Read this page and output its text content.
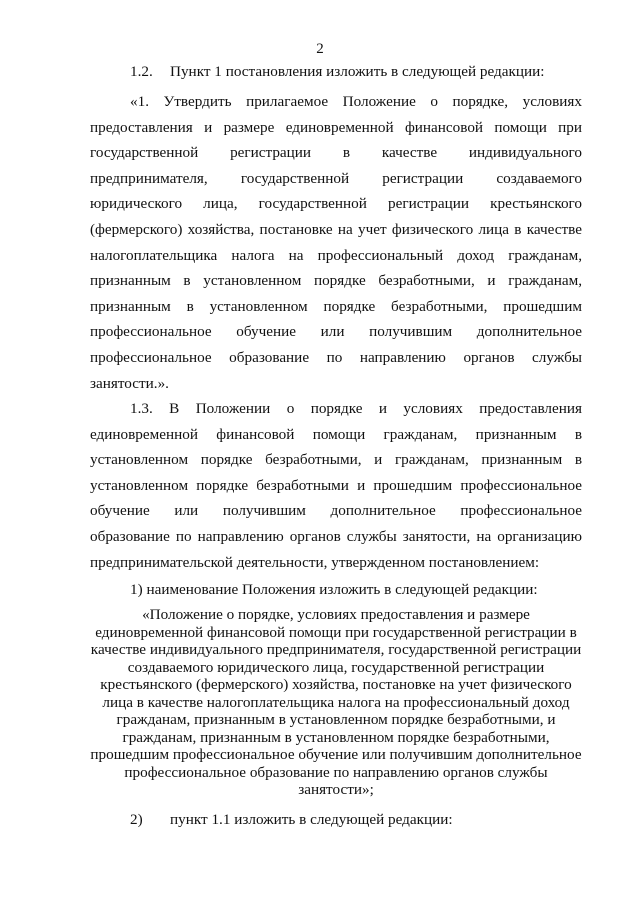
2
1.2. Пункт 1 постановления изложить в следующей редакции:
«1. Утвердить прилагаемое Положение о порядке, условиях предоставления и размере единовременной финансовой помощи при государственной регистрации в качестве индивидуального предпринимателя, государственной регистрации создаваемого юридического лица, государственной регистрации крестьянского (фермерского) хозяйства, постановке на учет физического лица в качестве налогоплательщика налога на профессиональный доход гражданам, признанным в установленном порядке безработными, и гражданам, признанным в установленном порядке безработными, прошедшим профессиональное обучение или получившим дополнительное профессиональное образование по направлению органов службы занятости.».
1.3. В Положении о порядке и условиях предоставления единовременной финансовой помощи гражданам, признанным в установленном порядке безработными, и гражданам, признанным в установленном порядке безработными и прошедшим профессиональное обучение или получившим дополнительное профессиональное образование по направлению органов службы занятости, на организацию предпринимательской деятельности, утвержденном постановлением:
1) наименование Положения изложить в следующей редакции:
«Положение о порядке, условиях предоставления и размере единовременной финансовой помощи при государственной регистрации в качестве индивидуального предпринимателя, государственной регистрации создаваемого юридического лица, государственной регистрации крестьянского (фермерского) хозяйства, постановке на учет физического лица в качестве налогоплательщика налога на профессиональный доход гражданам, признанным в установленном порядке безработными, и гражданам, признанным в установленном порядке безработными, прошедшим профессиональное обучение или получившим дополнительное профессиональное образование по направлению органов службы занятости»;
2) пункт 1.1 изложить в следующей редакции:
